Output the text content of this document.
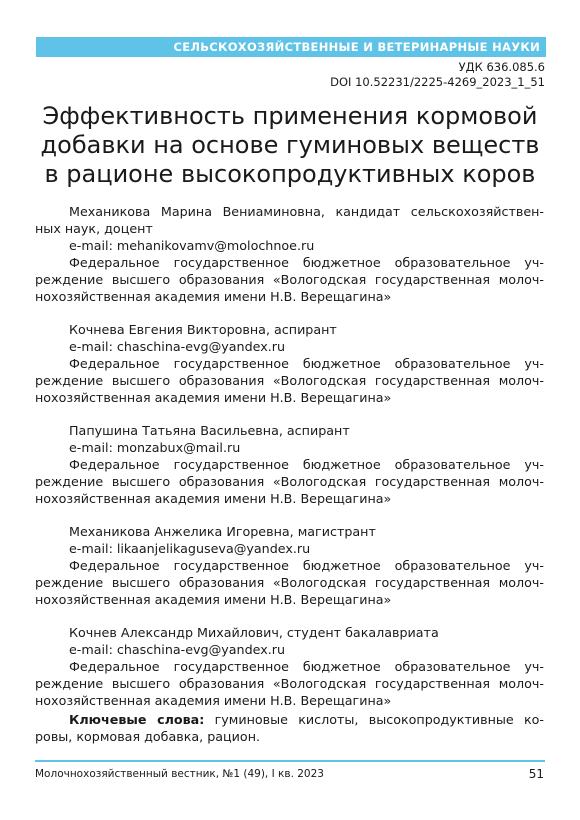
СЕЛЬСКОХОЗЯЙСТВЕННЫЕ И ВЕТЕРИНАРНЫЕ НАУКИ
УДК 636.085.6
DOI 10.52231/2225-4269_2023_1_51
Эффективность применения кормовой
добавки на основе гуминовых веществ
в рационе высокопродуктивных коров

Механикова Марина Вениаминовна, кандидат сельскохозяйствен-

ных наук, доцент

e-mail: mehanikovamv@molochnoe.ru

Федеральное государственное бюджетное образовательное уч-

реждение высшего образования «Вологодская государственная молоч-

нохозяйственная академия имени Н.В. Верещагина»

Кочнева Евгения Викторовна, аспирант

e-mail: chaschina-evg@yandex.ru

Федеральное государственное бюджетное образовательное уч-

реждение высшего образования «Вологодская государственная молоч-

нохозяйственная академия имени Н.В. Верещагина»

Папушина Татьяна Васильевна, аспирант

e-mail: monzabux@mail.ru

Федеральное государственное бюджетное образовательное уч-

реждение высшего образования «Вологодская государственная молоч-

нохозяйственная академия имени Н.В. Верещагина»

Механикова Анжелика Игоревна, магистрант

e-mail: likaanjelikaguseva@yandex.ru

Федеральное государственное бюджетное образовательное уч-

реждение высшего образования «Вологодская государственная молоч-

нохозяйственная академия имени Н.В. Верещагина»

Кочнев Александр Михайлович, студент бакалавриата

e-mail: chaschina-evg@yandex.ru

Федеральное государственное бюджетное образовательное уч-

реждение высшего образования «Вологодская государственная молоч-

нохозяйственная академия имени Н.В. Верещагина»

Ключевые слова: гуминовые кислоты, высокопродуктивные ко-ровы, кормовая добавка, рацион.

Молочнохозяйственный вестник, №1 (49), I кв. 2023	51
